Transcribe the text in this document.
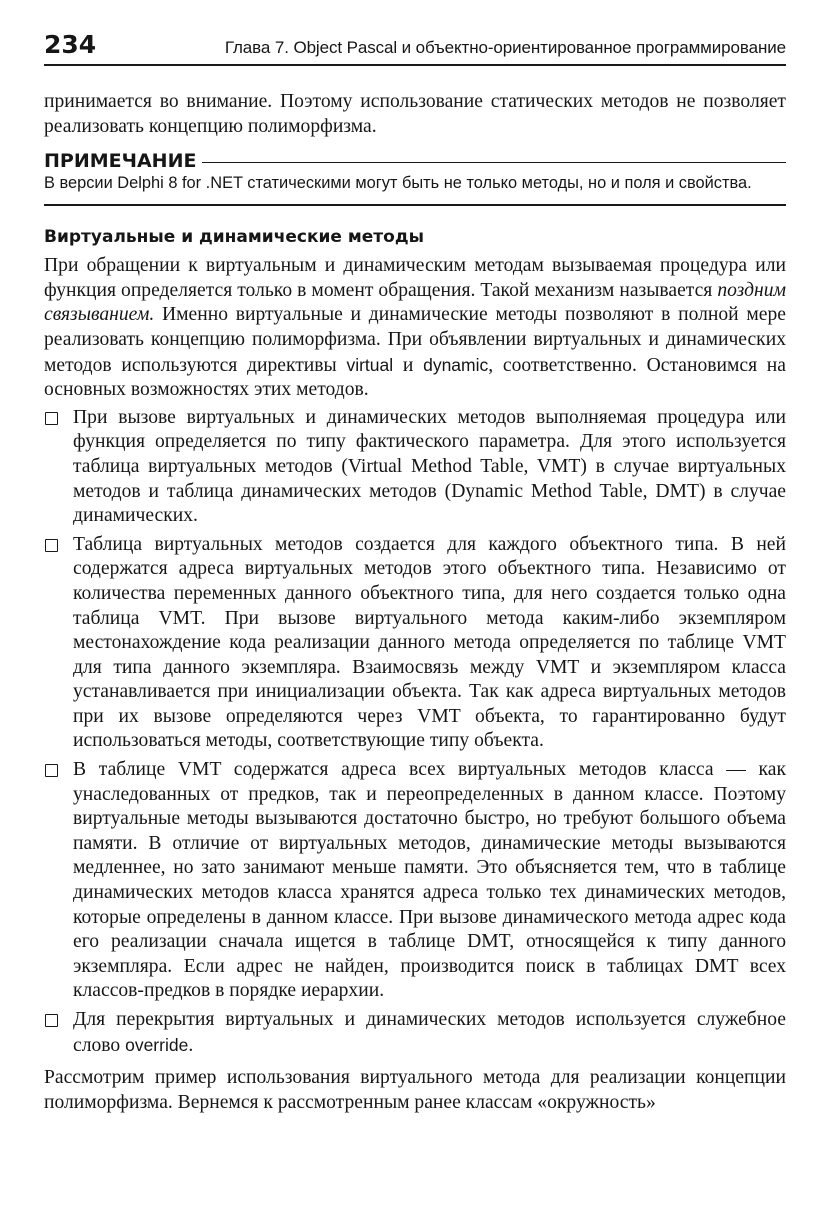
234	Глава 7. Object Pascal и объектно-ориентированное программирование

принимается во внимание. Поэтому использование статических методов не позволяет реализовать концепцию полиморфизма.

ПРИМЕЧАНИЕ

В версии Delphi 8 for .NET статическими могут быть не только методы, но и поля и свойства.

Виртуальные и динамические методы

При обращении к виртуальным и динамическим методам вызываемая процедура или функция определяется только в момент обращения. Такой механизм называется поздним связыванием. Именно виртуальные и динамические методы позволяют в полной мере реализовать концепцию полиморфизма. При объявлении виртуальных и динамических методов используются директивы virtual и dynamic, соответственно. Остановимся на основных возможностях этих методов.

При вызове виртуальных и динамических методов выполняемая процедура или функция определяется по типу фактического параметра. Для этого используется таблица виртуальных методов (Virtual Method Table, VMT) в случае виртуальных методов и таблица динамических методов (Dynamic Method Table, DMT) в случае динамических.
Таблица виртуальных методов создается для каждого объектного типа. В ней содержатся адреса виртуальных методов этого объектного типа. Независимо от количества переменных данного объектного типа, для него создается только одна таблица VMT. При вызове виртуального метода каким-либо экземпляром местонахождение кода реализации данного метода определяется по таблице VMT для типа данного экземпляра. Взаимосвязь между VMT и экземпляром класса устанавливается при инициализации объекта. Так как адреса виртуальных методов при их вызове определяются через VMT объекта, то гарантированно будут использоваться методы, соответствующие типу объекта.
В таблице VMT содержатся адреса всех виртуальных методов класса — как унаследованных от предков, так и переопределенных в данном классе. Поэтому виртуальные методы вызываются достаточно быстро, но требуют большого объема памяти. В отличие от виртуальных методов, динамические методы вызываются медленнее, но зато занимают меньше памяти. Это объясняется тем, что в таблице динамических методов класса хранятся адреса только тех динамических методов, которые определены в данном классе. При вызове динамического метода адрес кода его реализации сначала ищется в таблице DMT, относящейся к типу данного экземпляра. Если адрес не найден, производится поиск в таблицах DMT всех классов-предков в порядке иерархии.
Для перекрытия виртуальных и динамических методов используется служебное слово override.

Рассмотрим пример использования виртуального метода для реализации концепции полиморфизма. Вернемся к рассмотренным ранее классам «окружность»
